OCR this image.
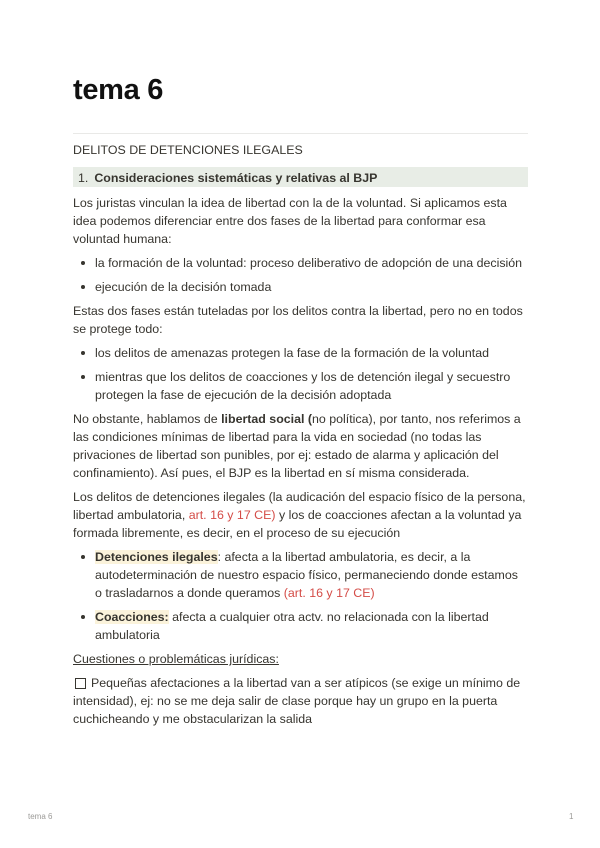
tema 6

DELITOS DE DETENCIONES ILEGALES

1. Consideraciones sistemáticas y relativas al BJP

Los juristas vinculan la idea de libertad con la de la voluntad. Si aplicamos esta idea podemos diferenciar entre dos fases de la libertad para conformar esa voluntad humana:

la formación de la voluntad: proceso deliberativo de adopción de una decisión
ejecución de la decisión tomada

Estas dos fases están tuteladas por los delitos contra la libertad, pero no en todos se protege todo:

los delitos de amenazas protegen la fase de la formación de la voluntad
mientras que los delitos de coacciones y los de detención ilegal y secuestro protegen la fase de ejecución de la decisión adoptada

No obstante, hablamos de libertad social (no política), por tanto, nos referimos a las condiciones mínimas de libertad para la vida en sociedad (no todas las privaciones de libertad son punibles, por ej: estado de alarma y aplicación del confinamiento). Así pues, el BJP es la libertad en sí misma considerada.

Los delitos de detenciones ilegales (la audicación del espacio físico de la persona, libertad ambulatoria, art. 16 y 17 CE) y los de coacciones afectan a la voluntad ya formada libremente, es decir, en el proceso de su ejecución

Detenciones ilegales: afecta a la libertad ambulatoria, es decir, a la autodeterminación de nuestro espacio físico, permaneciendo donde estamos o trasladarnos a donde queramos (art. 16 y 17 CE)
Coacciones: afecta a cualquier otra actv. no relacionada con la libertad ambulatoria

Cuestiones o problemáticas jurídicas:

Pequeñas afectaciones a la libertad van a ser atípicos (se exige un mínimo de intensidad), ej: no se me deja salir de clase porque hay un grupo en la puerta cuchicheando y me obstacularizan la salida

tema 6	1
